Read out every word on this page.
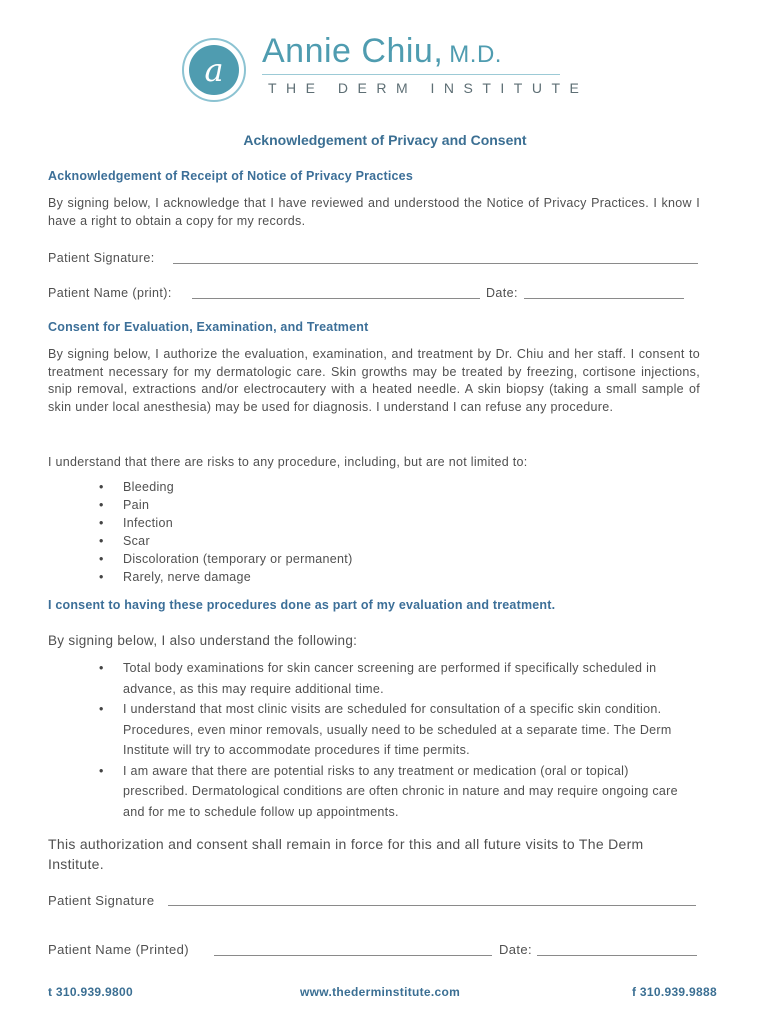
a Annie Chiu, M.D.
THE DERM INSTITUTE
Acknowledgement of Privacy and Consent
Acknowledgement of Receipt of Notice of Privacy Practices
By signing below, I acknowledge that I have reviewed and understood the Notice of Privacy Practices. I know I have a right to obtain a copy for my records.
Patient Signature:
Patient Name (print):	Date:
Consent for Evaluation, Examination, and Treatment
By signing below, I authorize the evaluation, examination, and treatment by Dr. Chiu and her staff. I consent to treatment necessary for my dermatologic care. Skin growths may be treated by freezing, cortisone injections, snip removal, extractions and/or electrocautery with a heated needle. A skin biopsy (taking a small sample of skin under local anesthesia) may be used for diagnosis. I understand I can refuse any procedure.
I understand that there are risks to any procedure, including, but are not limited to:
• Bleeding
• Pain
• Infection
• Scar
• Discoloration (temporary or permanent)
• Rarely, nerve damage
I consent to having these procedures done as part of my evaluation and treatment.
By signing below, I also understand the following:
• Total body examinations for skin cancer screening are performed if specifically scheduled in advance, as this may require additional time.
• I understand that most clinic visits are scheduled for consultation of a specific skin condition. Procedures, even minor removals, usually need to be scheduled at a separate time. The Derm Institute will try to accommodate procedures if time permits.
• I am aware that there are potential risks to any treatment or medication (oral or topical) prescribed. Dermatological conditions are often chronic in nature and may require ongoing care and for me to schedule follow up appointments.
This authorization and consent shall remain in force for this and all future visits to The Derm Institute.
Patient Signature
Patient Name (Printed)	Date:
t 310.939.9800	www.thederminstitute.com	f 310.939.9888
